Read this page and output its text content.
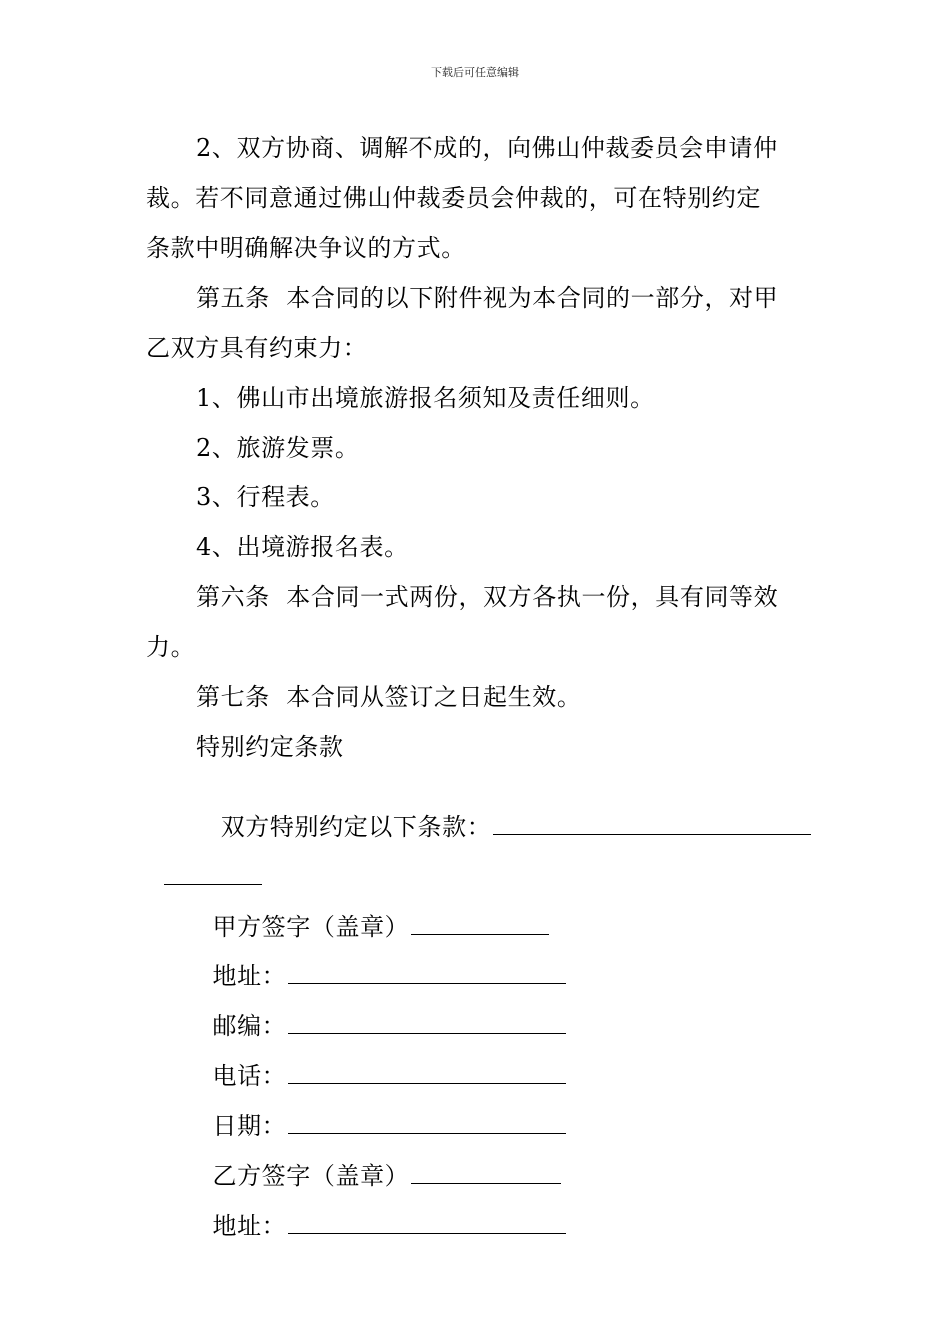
下载后可任意编辑
2、双方协商、调解不成的，向佛山仲裁委员会申请仲
裁。若不同意通过佛山仲裁委员会仲裁的，可在特别约定
条款中明确解决争议的方式。
第五条  本合同的以下附件视为本合同的一部分，对甲
乙双方具有约束力：
1、佛山市出境旅游报名须知及责任细则。
2、旅游发票。
3、行程表。
4、出境游报名表。
第六条  本合同一式两份，双方各执一份，具有同等效
力。
第七条  本合同从签订之日起生效。
特别约定条款

双方特别约定以下条款：

甲方签字（盖章）

地址：

邮编：

电话：

日期：

乙方签字（盖章）

地址：
